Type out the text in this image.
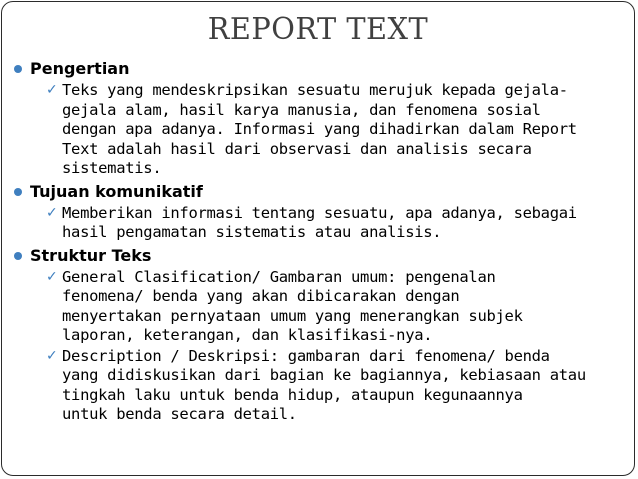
REPORT TEXT
Pengertian
✓ Teks yang mendeskripsikan sesuatu merujuk kepada gejala-
gejala alam, hasil karya manusia, dan fenomena sosial
dengan apa adanya. Informasi yang dihadirkan dalam Report
Text adalah hasil dari observasi dan analisis secara
sistematis.
Tujuan komunikatif
✓ Memberikan informasi tentang sesuatu, apa adanya, sebagai
hasil pengamatan sistematis atau analisis.
Struktur Teks
✓ General Clasification/ Gambaran umum: pengenalan
fenomena/ benda yang akan dibicarakan dengan
menyertakan pernyataan umum yang menerangkan subjek
laporan, keterangan, dan klasifikasi-nya.
✓ Description / Deskripsi: gambaran dari fenomena/ benda
yang didiskusikan dari bagian ke bagiannya, kebiasaan atau
tingkah laku untuk benda hidup, ataupun kegunaannya
untuk benda secara detail.
